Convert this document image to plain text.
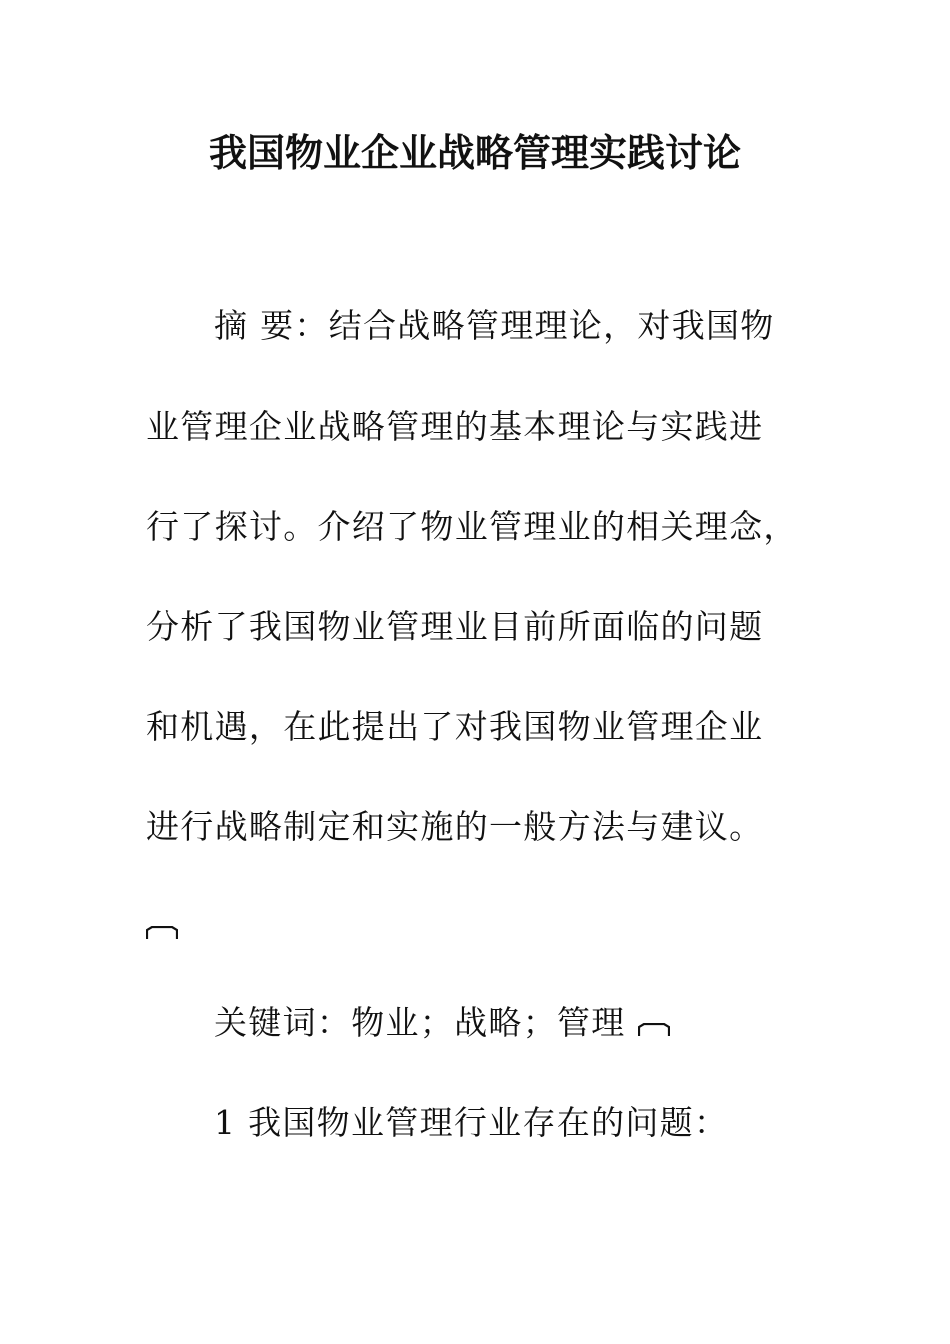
我国物业企业战略管理实践讨论
摘 要：结合战略管理理论，对我国物
业管理企业战略管理的基本理论与实践进
行了探讨。介绍了物业管理业的相关理念，
分析了我国物业管理业目前所面临的问题
和机遇，在此提出了对我国物业管理企业
进行战略制定和实施的一般方法与建议。
关键词：物业；战略；管理
1 我国物业管理行业存在的问题：
